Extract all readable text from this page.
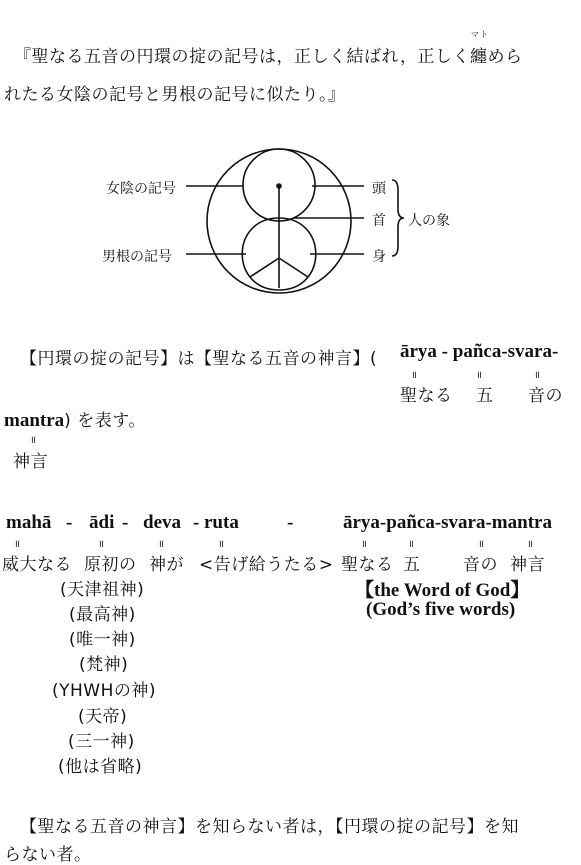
『聖なる五音の円環の掟の記号は，正しく結ばれ，正しく
マト
纏めら
れたる女陰の記号と男根の記号に似たり。』
女陰の記号
男根の記号
頭
首
身
人の象
【円環の掟の記号】は【聖なる五音の神言】( ārya - pañca-svara-
॥	॥	॥
聖なる 五 音の
mantra) を表す。
॥
神言
mahā - ādi - deva - ruta	-	ārya-pañca-svara-mantra
॥	॥	॥	॥	॥	॥	॥	॥
威大なる 原初の 神が <告げ給うたる> 聖なる 五	音の 神言
(天津祖神)
(最高神)
(唯一神)
(梵神)
(YHWHの神)
(天帝)
(三一神)
(他は省略)
【the Word of God】
(God’s five words)
【聖なる五音の神言】を知らない者は，【円環の掟の記号】を知
らない者。
